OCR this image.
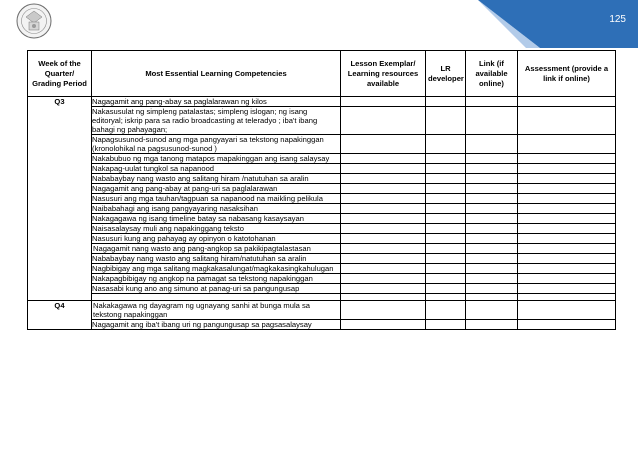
125
Week of the Quarter/ Grading Period	Most Essential Learning Competencies	Lesson Exemplar/ Learning resources available	LR developer	Link (if available online)	Assessment (provide a link if online)
Q3	Nagagamit ang pang-abay sa paglalarawan ng kilos				
	Nakasusulat ng simpleng patalastas; simpleng islogan; ng isang editoryal; iskrip para sa radio broadcasting at teleradyo ; iba't ibang bahagi ng pahayagan;				
	Napagsusunod-sunod ang mga pangyayari sa tekstong napakinggan (kronolohikal na pagsusunod-sunod )				
	Nakabubuo ng mga tanong matapos mapakinggan ang isang salaysay				
	Nakapag-uulat tungkol sa napanood				
	Nababaybay nang wasto ang salitang hiram /natutuhan sa aralin				
	Nagagamit ang pang-abay at pang-uri sa paglalarawan				
	Nasusuri ang mga tauhan/tagpuan sa napanood na maikling pelikula				
	Naibabahagi ang isang pangyayaring nasaksihan				
	Nakagagawa ng isang timeline batay sa nabasang kasaysayan				
	Naisasalaysay muli ang napakinggang teksto				
	Nasusuri kung ang pahayag ay opinyon o katotohanan				
	Nagagamit nang wasto ang pang-angkop sa pakikipagtalastasan				
	Nababaybay nang wasto ang salitang hiram/natutuhan sa aralin				
	Nagbibigay ang mga salitang magkakasalungat/magkakasingkahulugan				
	Nakapagbibigay ng angkop na pamagat sa tekstong napakinggan				
	Nasasabi kung ano ang simuno at panag-uri sa pangungusap				

Q4	Nakakagawa ng dayagram ng ugnayang sanhi at bunga mula sa tekstong napakinggan				
	Nagagamit ang iba't ibang uri ng pangungusap sa pagsasalaysay				
